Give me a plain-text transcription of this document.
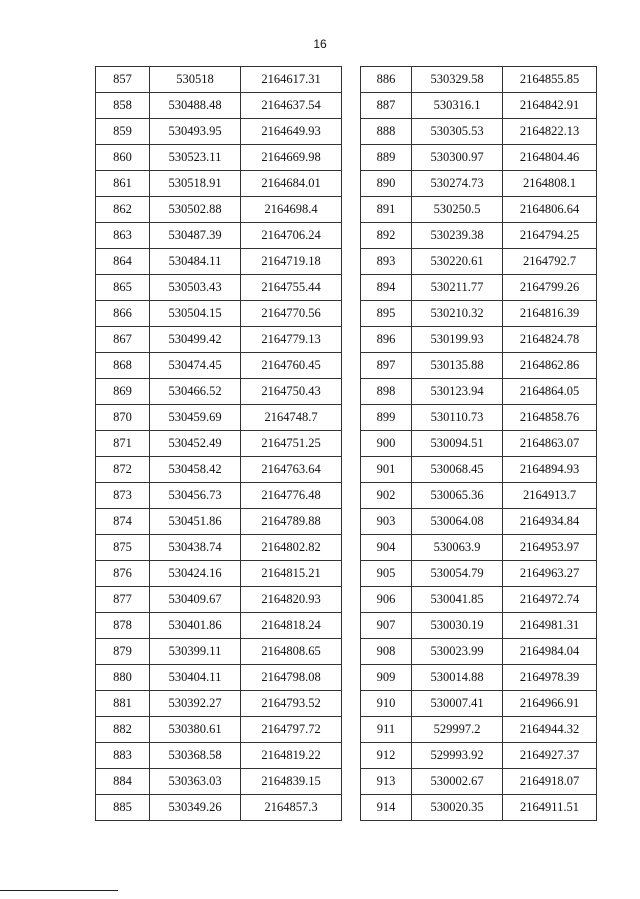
16
857	530518	2164617.31
858	530488.48	2164637.54
859	530493.95	2164649.93
860	530523.11	2164669.98
861	530518.91	2164684.01
862	530502.88	2164698.4
863	530487.39	2164706.24
864	530484.11	2164719.18
865	530503.43	2164755.44
866	530504.15	2164770.56
867	530499.42	2164779.13
868	530474.45	2164760.45
869	530466.52	2164750.43
870	530459.69	2164748.7
871	530452.49	2164751.25
872	530458.42	2164763.64
873	530456.73	2164776.48
874	530451.86	2164789.88
875	530438.74	2164802.82
876	530424.16	2164815.21
877	530409.67	2164820.93
878	530401.86	2164818.24
879	530399.11	2164808.65
880	530404.11	2164798.08
881	530392.27	2164793.52
882	530380.61	2164797.72
883	530368.58	2164819.22
884	530363.03	2164839.15
885	530349.26	2164857.3
886	530329.58	2164855.85
887	530316.1	2164842.91
888	530305.53	2164822.13
889	530300.97	2164804.46
890	530274.73	2164808.1
891	530250.5	2164806.64
892	530239.38	2164794.25
893	530220.61	2164792.7
894	530211.77	2164799.26
895	530210.32	2164816.39
896	530199.93	2164824.78
897	530135.88	2164862.86
898	530123.94	2164864.05
899	530110.73	2164858.76
900	530094.51	2164863.07
901	530068.45	2164894.93
902	530065.36	2164913.7
903	530064.08	2164934.84
904	530063.9	2164953.97
905	530054.79	2164963.27
906	530041.85	2164972.74
907	530030.19	2164981.31
908	530023.99	2164984.04
909	530014.88	2164978.39
910	530007.41	2164966.91
911	529997.2	2164944.32
912	529993.92	2164927.37
913	530002.67	2164918.07
914	530020.35	2164911.51
